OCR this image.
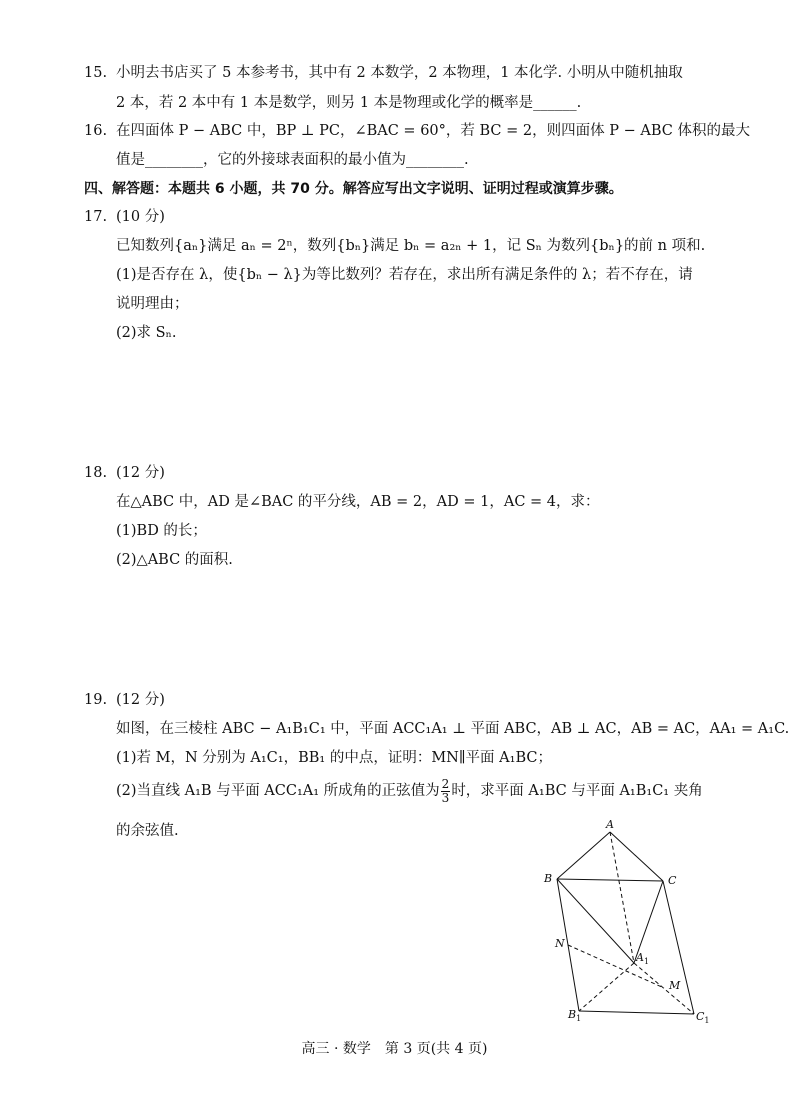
15. 小明去书店买了 5 本参考书，其中有 2 本数学，2 本物理，1 本化学. 小明从中随机抽取
2 本，若 2 本中有 1 本是数学，则另 1 本是物理或化学的概率是______.
16. 在四面体 P − ABC 中，BP ⊥ PC，∠BAC = 60°，若 BC = 2，则四面体 P − ABC 体积的最大
值是________，它的外接球表面积的最小值为________.
四、解答题：本题共 6 小题，共 70 分。解答应写出文字说明、证明过程或演算步骤。
17. (10 分)
已知数列{aₙ}满足 aₙ = 2ⁿ，数列{bₙ}满足 bₙ = a₂ₙ + 1，记 Sₙ 为数列{bₙ}的前 n 项和.
(1)是否存在 λ，使{bₙ − λ}为等比数列？若存在，求出所有满足条件的 λ；若不存在，请
说明理由；
(2)求 Sₙ.
18. (12 分)
在△ABC 中，AD 是∠BAC 的平分线，AB = 2，AD = 1，AC = 4，求：
(1)BD 的长；
(2)△ABC 的面积.
19. (12 分)
如图，在三棱柱 ABC − A₁B₁C₁ 中，平面 ACC₁A₁ ⊥ 平面 ABC，AB ⊥ AC，AB = AC，AA₁ = A₁C.
(1)若 M，N 分别为 A₁C₁，BB₁ 的中点，证明：MN∥平面 A₁BC；
(2)当直线 A₁B 与平面 ACC₁A₁ 所成角的正弦值为 $\frac{2}{3}$ 时，求平面 A₁BC 与平面 A₁B₁C₁ 夹角
的余弦值.	A
B	C
N
$A_1$
M
$B_1$	$C_1$
高三 · 数学　第 3 页(共 4 页)
